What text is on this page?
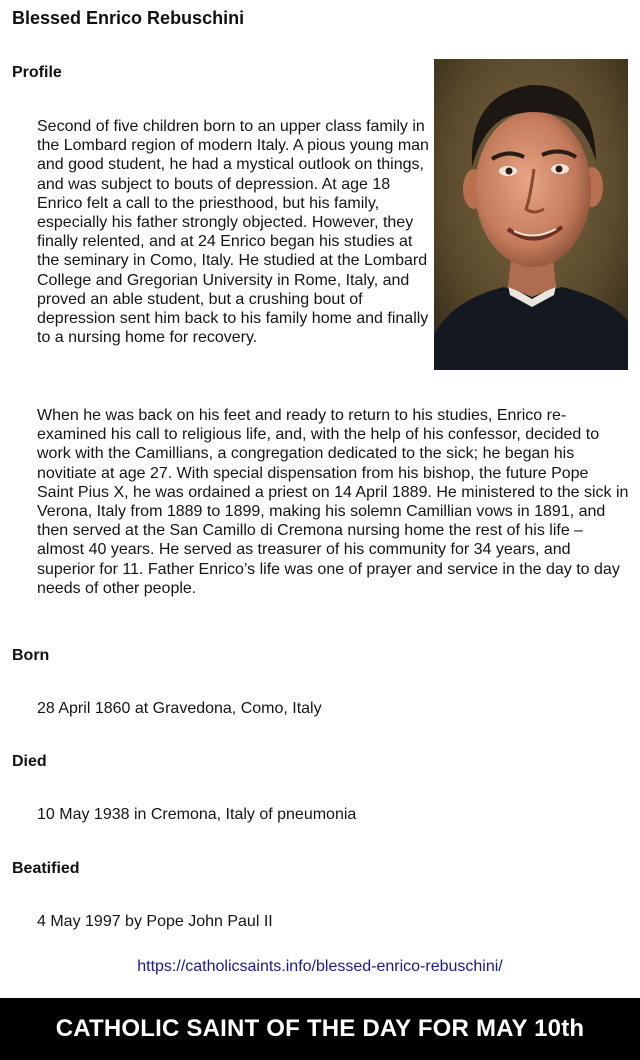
Blessed Enrico Rebuschini
Profile
Second of five children born to an upper class family in the Lombard region of modern Italy. A pious young man and good student, he had a mystical outlook on things, and was subject to bouts of depression. At age 18 Enrico felt a call to the priesthood, but his family, especially his father strongly objected. However, they finally relented, and at 24 Enrico began his studies at the seminary in Como, Italy. He studied at the Lombard College and Gregorian University in Rome, Italy, and proved an able student, but a crushing bout of depression sent him back to his family home and finally to a nursing home for recovery.
When he was back on his feet and ready to return to his studies, Enrico re-examined his call to religious life, and, with the help of his confessor, decided to work with the Camillians, a congregation dedicated to the sick; he began his novitiate at age 27. With special dispensation from his bishop, the future Pope Saint Pius X, he was ordained a priest on 14 April 1889. He ministered to the sick in Verona, Italy from 1889 to 1899, making his solemn Camillian vows in 1891, and then served at the San Camillo di Cremona nursing home the rest of his life – almost 40 years. He served as treasurer of his community for 34 years, and superior for 11. Father Enrico’s life was one of prayer and service in the day to day needs of other people.
Born
28 April 1860 at Gravedona, Como, Italy
Died
10 May 1938 in Cremona, Italy of pneumonia
Beatified
4 May 1997 by Pope John Paul II
https://catholicsaints.info/blessed-enrico-rebuschini/
CATHOLIC SAINT OF THE DAY FOR MAY 10th
